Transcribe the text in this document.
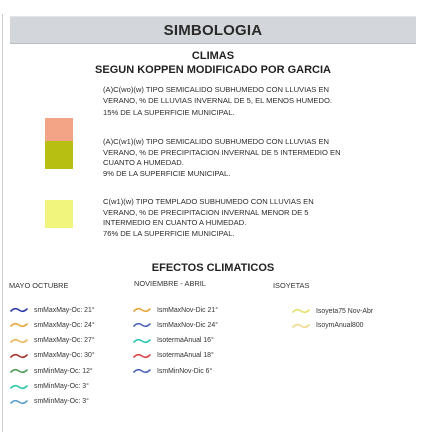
SIMBOLOGIA
CLIMAS
SEGUN KOPPEN MODIFICADO POR GARCIA
(A)C(wo)(w) TIPO SEMICALIDO SUBHUMEDO CON LLUVIAS EN
VERANO, % DE LLUVIAS INVERNAL DE 5, EL MENOS HUMEDO.
15% DE LA SUPERFICIE MUNICIPAL.
(A)C(w1)(w) TIPO SEMICALIDO SUBHUMEDO CON LLUVIAS EN
VERANO, % DE PRECIPITACION INVERNAL DE 5 INTERMEDIO EN
CUANTO A HUMEDAD.
9% DE LA SUPERFICIE MUNICIPAL.
C(w1)(w) TIPO TEMPLADO SUBHUMEDO CON LLUVIAS EN
VERANO, % DE PRECIPITACION INVERNAL MENOR DE 5
INTERMEDIO EN CUANTO A HUMEDAD.
76% DE LA SUPERFICIE MUNICIPAL.
EFECTOS CLIMATICOS
MAYO OCTUBRE	NOVIEMBRE - ABRIL	ISOYETAS
smMaxMay-Oc: 21°
smMaxMay-Oc: 24°
smMaxMay-Oc: 27°
smMaxMay-Oc: 30°
smMinMay-Oc: 12°
smMinMay-Oc: 3°
smMinMay-Oc: 3°
IsmMaxNov-Dic 21°
IsmMaxNov-Dic 24°
IsotermaAnual 16°
IsotermaAnual 18°
IsmMinNov-Dic 6°
Isoyeta75 Nov-Abr
IsoymAnual800
